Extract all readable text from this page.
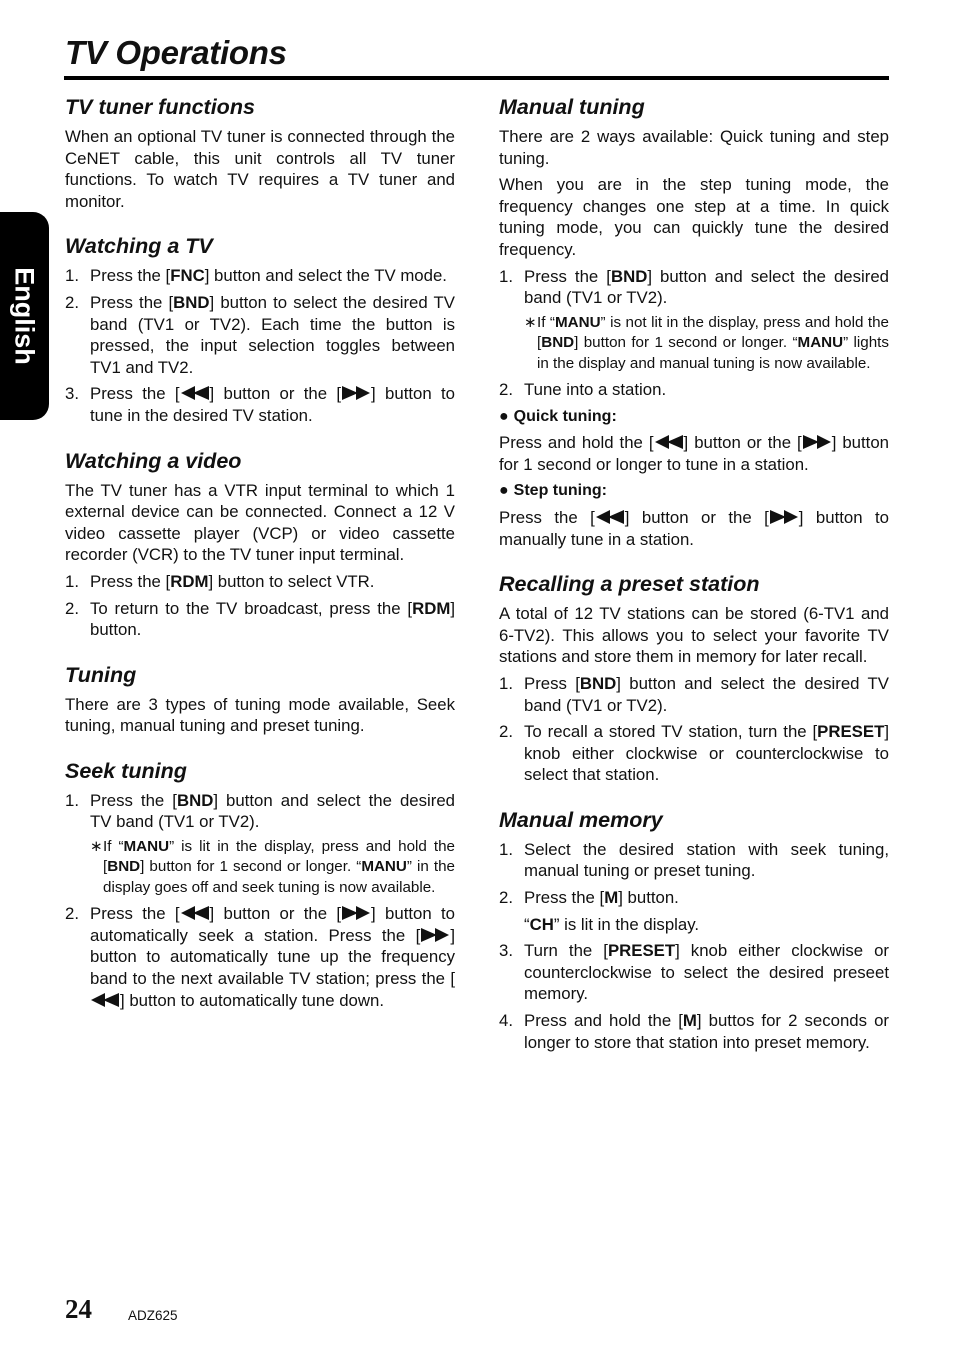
TV Operations
English
TV tuner functions

When an optional TV tuner is connected through the CeNET cable, this unit controls all TV tuner functions. To watch TV requires a TV tuner and monitor.

Watching a TV
1. Press the [FNC] button and select the TV mode.
2. Press the [BND] button to select the desired TV band (TV1 or TV2). Each time the button is pressed, the input selection toggles between TV1 and TV2.
3. Press the [ ] button or the [ ] button to tune in the desired TV station.
Watching a video

The TV tuner has a VTR input terminal to which 1 external device can be connected. Connect a 12 V video cassette player (VCP) or video cassette recorder (VCR) to the TV tuner input terminal.

1. Press the [RDM] button to select VTR.
2. To return to the TV broadcast, press the [RDM] button.
Tuning

There are 3 types of tuning mode available, Seek tuning, manual tuning and preset tuning.

Seek tuning
1. Press the [BND] button and select the desired TV band (TV1 or TV2).
∗ If “MANU” is lit in the display, press and hold the [BND] button for 1 second or longer. “MANU” in the display goes off and seek tuning is now available.
2. Press the [ ] button or the [ ] button to automatically seek a station. Press the [ ] button to automatically tune up the frequency band to the next available TV station; press the [
] button to automatically tune down.
Manual tuning

There are 2 ways available: Quick tuning and step tuning.

When you are in the step tuning mode, the frequency changes one step at a time. In quick tuning mode, you can quickly tune the desired frequency.

1. Press the [BND] button and select the desired band (TV1 or TV2).
∗ If “MANU” is not lit in the display, press and hold the [BND] button for 1 second or longer. “MANU” lights in the display and manual tuning is now available.
2. Tune into a station.
● Quick tuning:

Press and hold the [ ] button or the [ ] button for 1 second or longer to tune in a station.

● Step tuning:

Press the [ ] button or the [ ] button to manually tune in a station.

Recalling a preset station

A total of 12 TV stations can be stored (6-TV1 and 6-TV2). This allows you to select your favorite TV stations and store them in memory for later recall.

1. Press [BND] button and select the desired TV band (TV1 or TV2).
2. To recall a stored TV station, turn the [PRESET] knob either clockwise or counterclockwise to select that station.
Manual memory
1. Select the desired station with seek tuning, manual tuning or preset tuning.
2. Press the [M] button.
“CH” is lit in the display.
3. Turn the [PRESET] knob either clockwise or counterclockwise to select the desired preseet memory.
4. Press and hold the [M] buttos for 2 seconds or longer to store that station into preset memory.
24	ADZ625
